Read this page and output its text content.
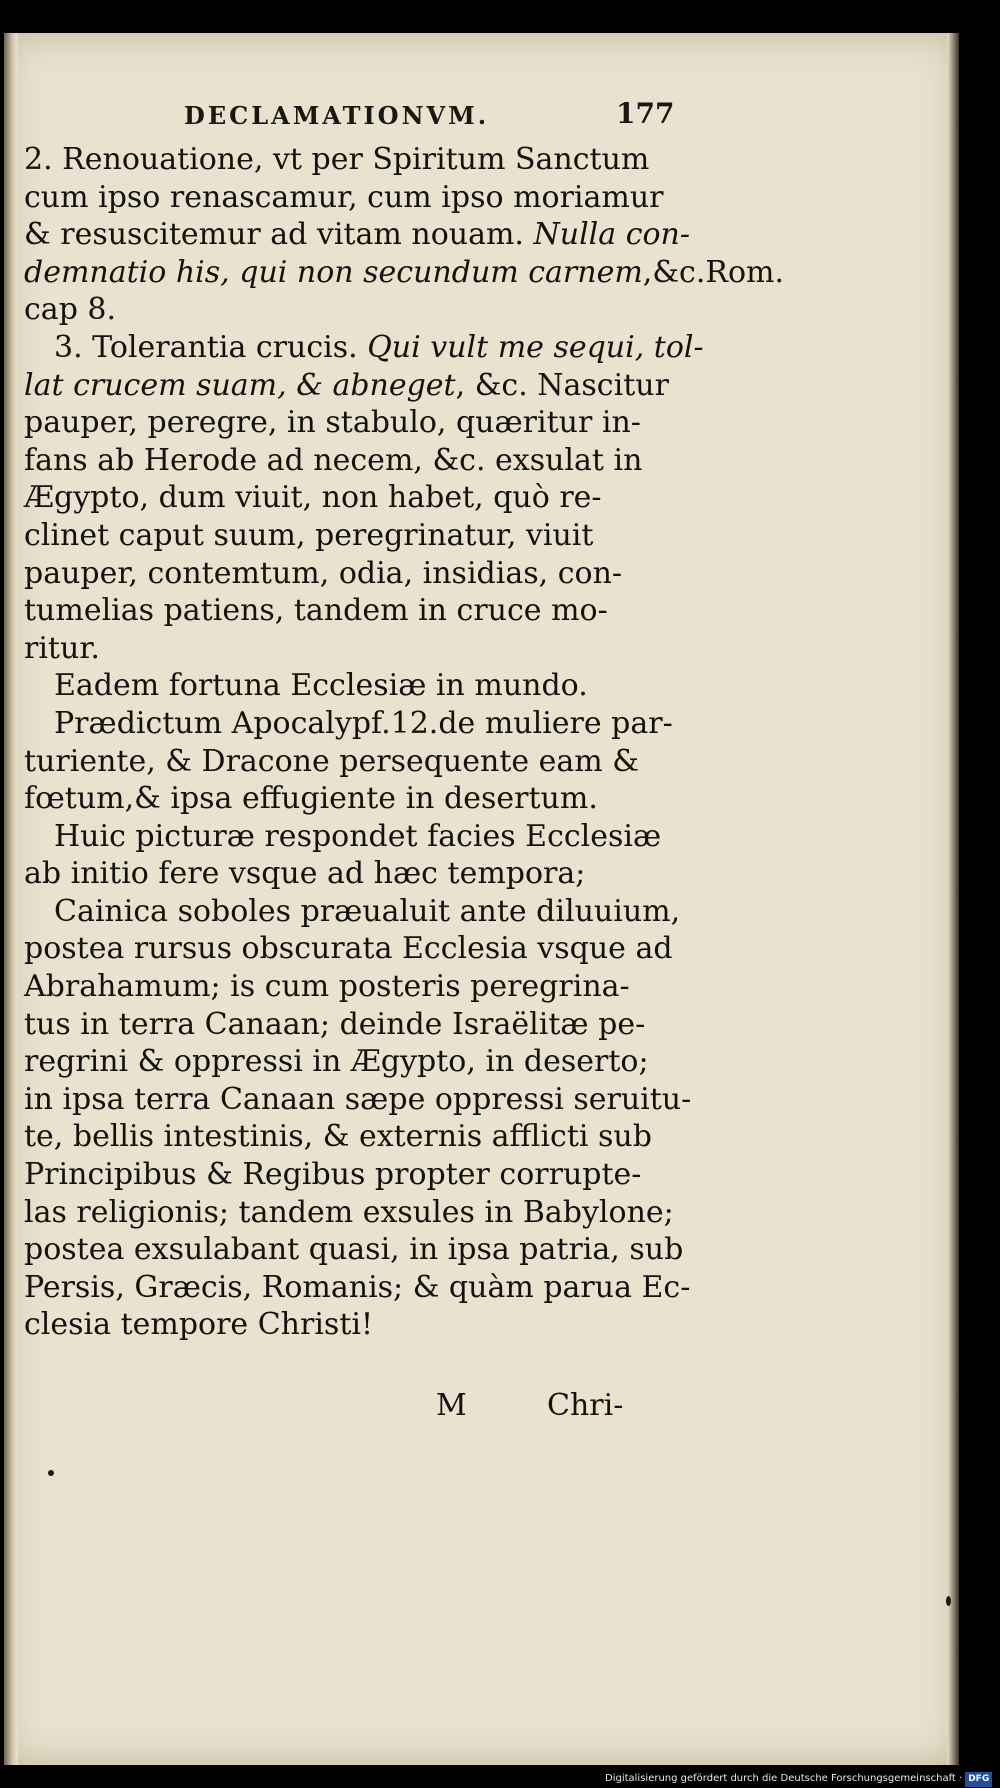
DECLAMATIONVM.	177
2. Renouatione, vt per Spiritum Sanctum
cum ipso renascamur, cum ipso moriamur
& resuscitemur ad vitam nouam. Nulla con-
demnatio his, qui non secundum carnem,&c.Rom.
cap 8.
3. Tolerantia crucis. Qui vult me sequi, tol-
lat crucem suam, & abneget, &c. Nascitur
pauper, peregre, in stabulo, quæritur in-
fans ab Herode ad necem, &c. exsulat in
Ægypto, dum viuit, non habet, quò re-
clinet caput suum, peregrinatur, viuit
pauper, contemtum, odia, insidias, con-
tumelias patiens, tandem in cruce mo-
ritur.
Eadem fortuna Ecclesiæ in mundo.
Prædictum Apocalypf.12.de muliere par-
turiente, & Dracone persequente eam &
fœtum,& ipsa effugiente in desertum.
Huic picturæ respondet facies Ecclesiæ
ab initio fere vsque ad hæc tempora;
Cainica soboles præualuit ante diluuium,
postea rursus obscurata Ecclesia vsque ad
Abrahamum; is cum posteris peregrina-
tus in terra Canaan; deinde Israëlitæ pe-
regrini & oppressi in Ægypto, in deserto;
in ipsa terra Canaan sæpe oppressi seruitu-
te, bellis intestinis, & externis afflicti sub
Principibus & Regibus propter corrupte-
las religionis; tandem exsules in Babylone;
postea exsulabant quasi, in ipsa patria, sub
Persis, Græcis, Romanis; & quàm parua Ec-
clesia tempore Christi!
M	Chri-
Digitalisierung gefördert durch die Deutsche Forschungsgemeinschaft · DFG
